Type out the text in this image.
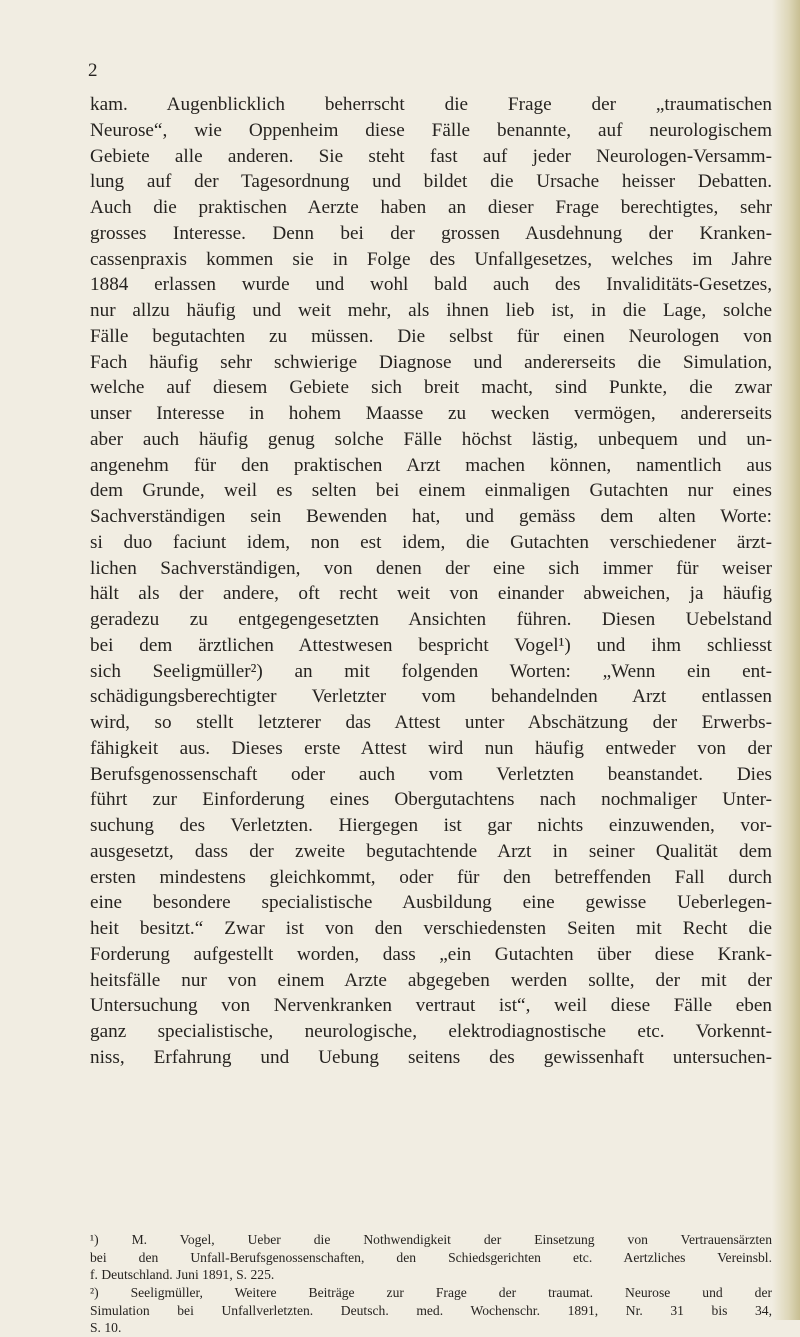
2
kam. Augenblicklich beherrscht die Frage der „traumatischen
Neurose“, wie Oppenheim diese Fälle benannte, auf neurologischem
Gebiete alle anderen. Sie steht fast auf jeder Neurologen-Versamm-
lung auf der Tagesordnung und bildet die Ursache heisser Debatten.
Auch die praktischen Aerzte haben an dieser Frage berechtigtes, sehr
grosses Interesse. Denn bei der grossen Ausdehnung der Kranken-
cassenpraxis kommen sie in Folge des Unfallgesetzes, welches im Jahre
1884 erlassen wurde und wohl bald auch des Invaliditäts-Gesetzes,
nur allzu häufig und weit mehr, als ihnen lieb ist, in die Lage, solche
Fälle begutachten zu müssen. Die selbst für einen Neurologen von
Fach häufig sehr schwierige Diagnose und andererseits die Simulation,
welche auf diesem Gebiete sich breit macht, sind Punkte, die zwar
unser Interesse in hohem Maasse zu wecken vermögen, andererseits
aber auch häufig genug solche Fälle höchst lästig, unbequem und un-
angenehm für den praktischen Arzt machen können, namentlich aus
dem Grunde, weil es selten bei einem einmaligen Gutachten nur eines
Sachverständigen sein Bewenden hat, und gemäss dem alten Worte:
si duo faciunt idem, non est idem, die Gutachten verschiedener ärzt-
lichen Sachverständigen, von denen der eine sich immer für weiser
hält als der andere, oft recht weit von einander abweichen, ja häufig
geradezu zu entgegengesetzten Ansichten führen. Diesen Uebelstand
bei dem ärztlichen Attestwesen bespricht Vogel¹) und ihm schliesst
sich Seeligmüller²) an mit folgenden Worten: „Wenn ein ent-
schädigungsberechtigter Verletzter vom behandelnden Arzt entlassen
wird, so stellt letzterer das Attest unter Abschätzung der Erwerbs-
fähigkeit aus. Dieses erste Attest wird nun häufig entweder von der
Berufsgenossenschaft oder auch vom Verletzten beanstandet. Dies
führt zur Einforderung eines Obergutachtens nach nochmaliger Unter-
suchung des Verletzten. Hiergegen ist gar nichts einzuwenden, vor-
ausgesetzt, dass der zweite begutachtende Arzt in seiner Qualität dem
ersten mindestens gleichkommt, oder für den betreffenden Fall durch
eine besondere specialistische Ausbildung eine gewisse Ueberlegen-
heit besitzt.“ Zwar ist von den verschiedensten Seiten mit Recht die
Forderung aufgestellt worden, dass „ein Gutachten über diese Krank-
heitsfälle nur von einem Arzte abgegeben werden sollte, der mit der
Untersuchung von Nervenkranken vertraut ist“, weil diese Fälle eben
ganz specialistische, neurologische, elektrodiagnostische etc. Vorkennt-
niss, Erfahrung und Uebung seitens des gewissenhaft untersuchen-
¹) M. Vogel, Ueber die Nothwendigkeit der Einsetzung von Vertrauensärzten
bei den Unfall-Berufsgenossenschaften, den Schiedsgerichten etc. Aertzliches Vereinsbl.
f. Deutschland. Juni 1891, S. 225.
²) Seeligmüller, Weitere Beiträge zur Frage der traumat. Neurose und der
Simulation bei Unfallverletzten. Deutsch. med. Wochenschr. 1891, Nr. 31 bis 34,
S. 10.
